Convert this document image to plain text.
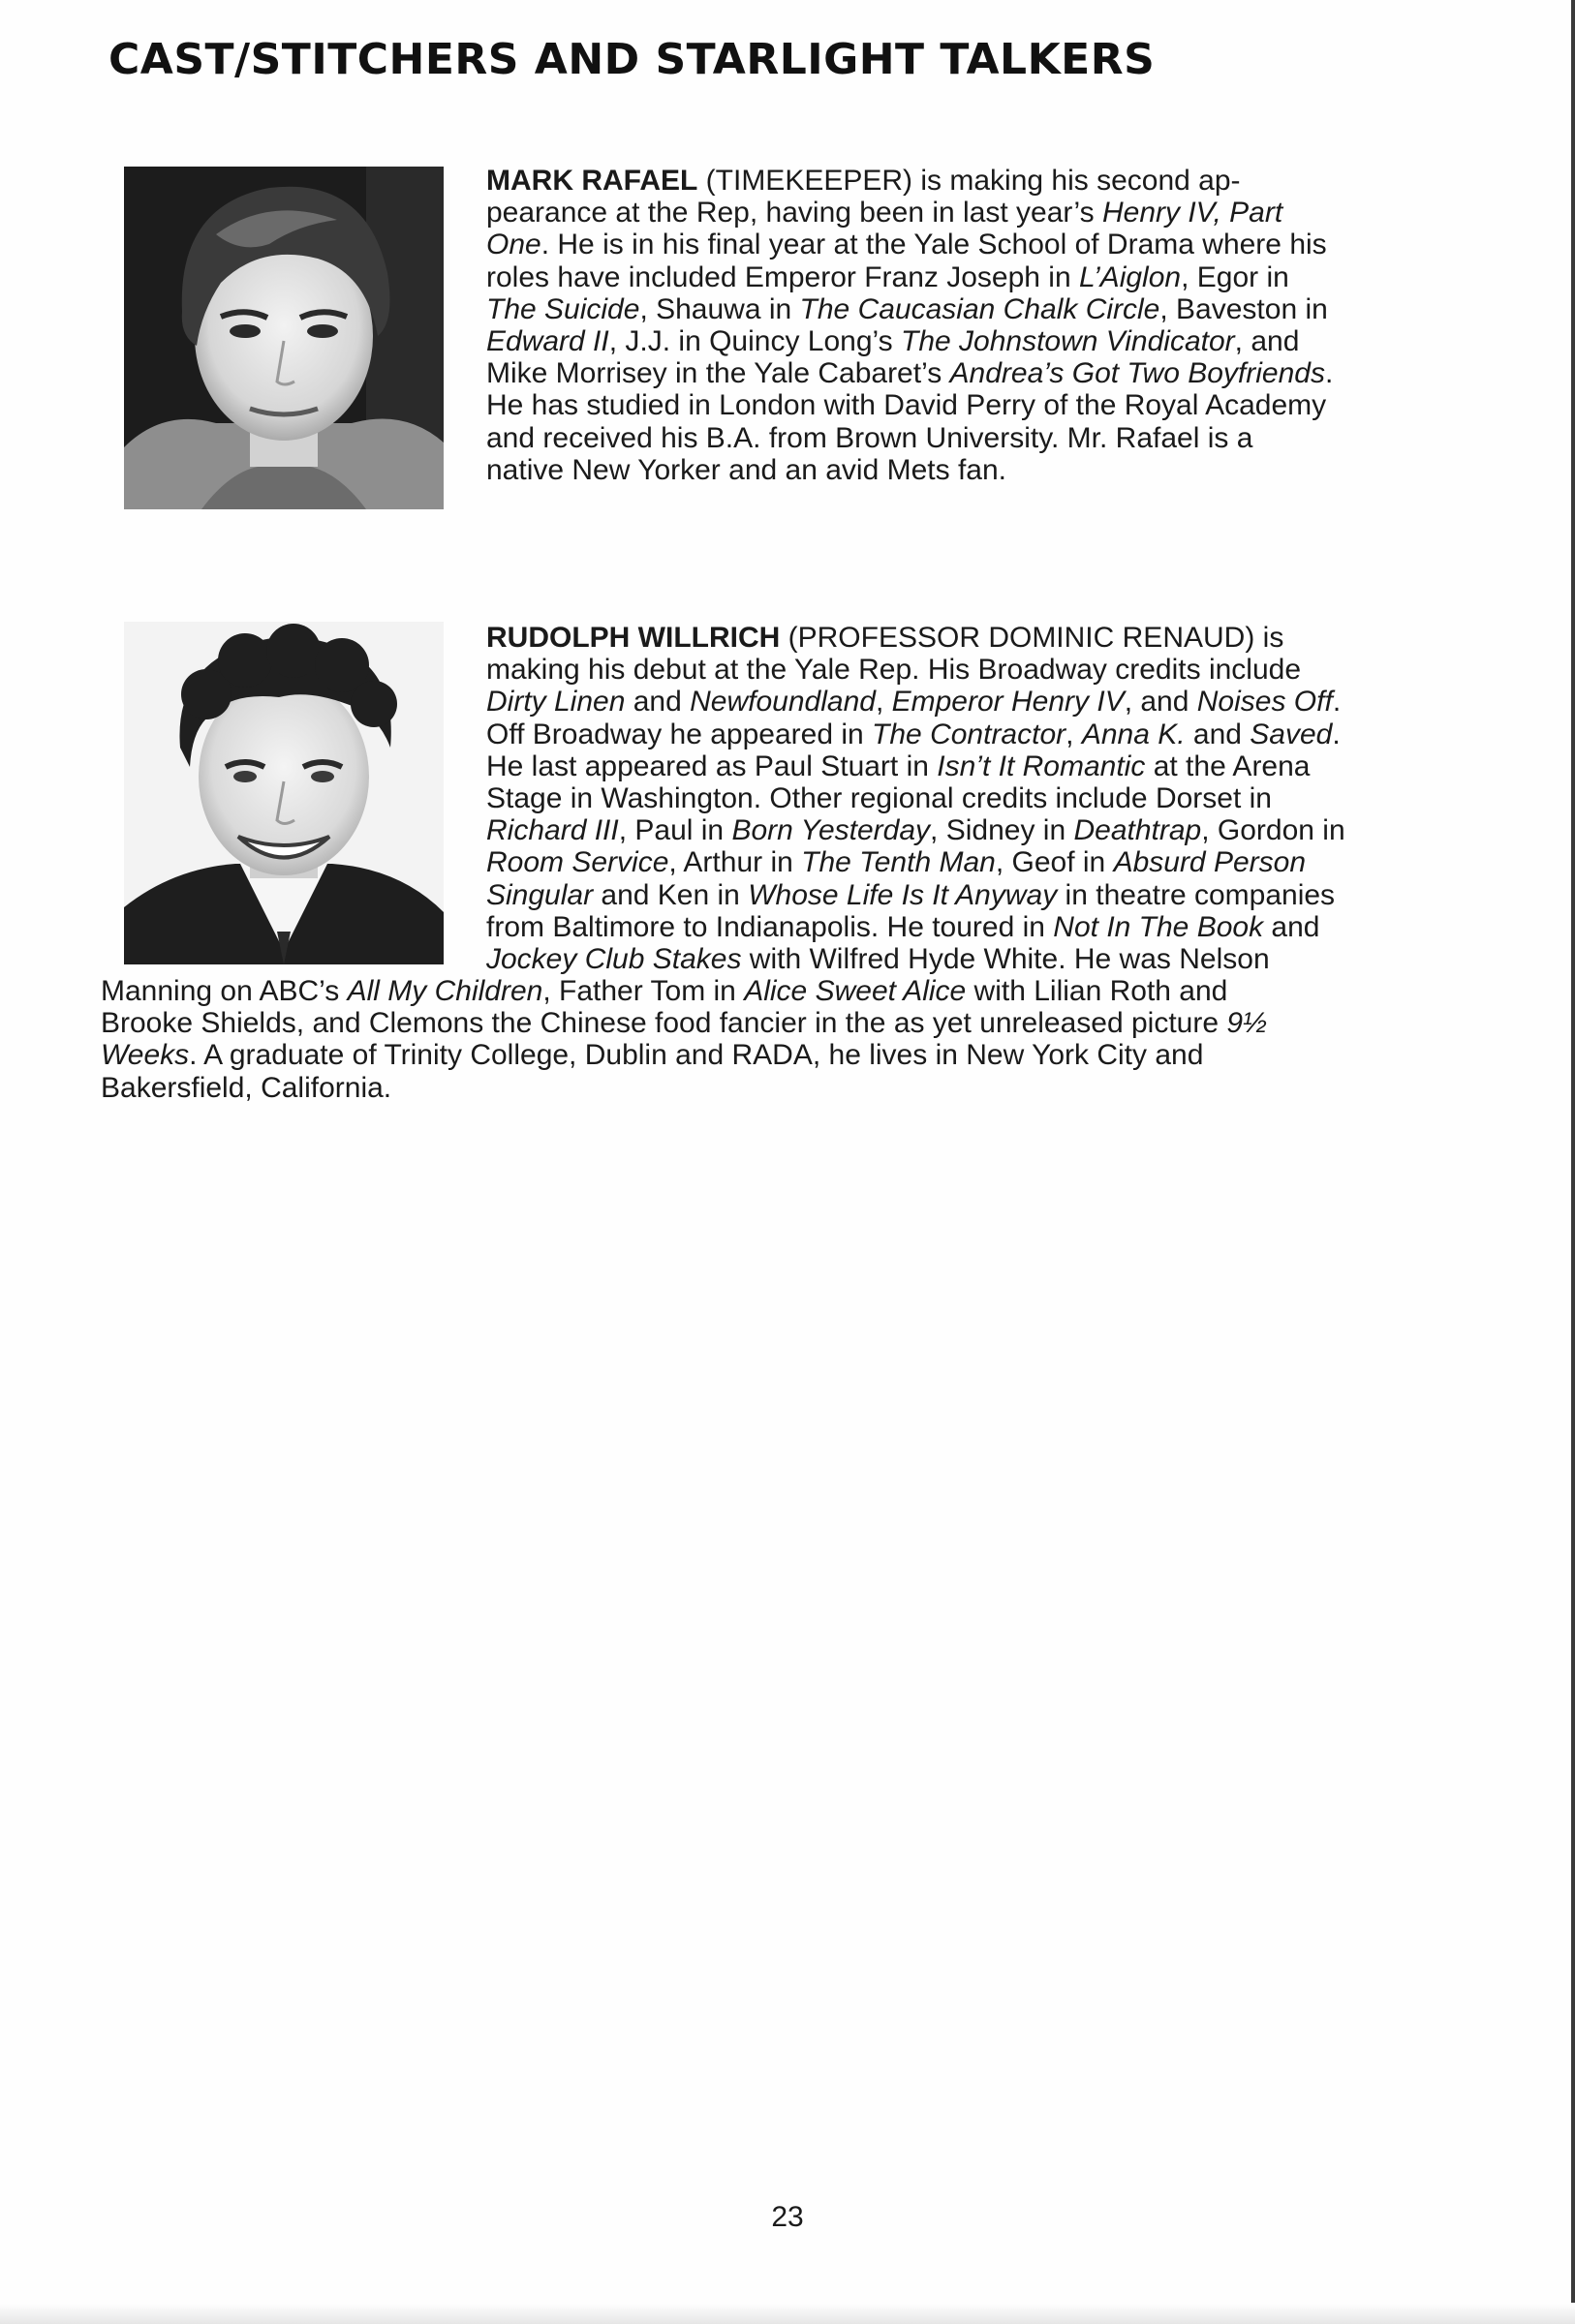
CAST/STITCHERS AND STARLIGHT TALKERS
MARK RAFAEL (TIMEKEEPER) is making his second ap-
pearance at the Rep, having been in last year’s Henry IV, Part
One. He is in his final year at the Yale School of Drama where his
roles have included Emperor Franz Joseph in L’Aiglon, Egor in
The Suicide, Shauwa in The Caucasian Chalk Circle, Baveston in
Edward II, J.J. in Quincy Long’s The Johnstown Vindicator, and
Mike Morrisey in the Yale Cabaret’s Andrea’s Got Two Boyfriends.
He has studied in London with David Perry of the Royal Academy
and received his B.A. from Brown University. Mr. Rafael is a
native New Yorker and an avid Mets fan.
RUDOLPH WILLRICH (PROFESSOR DOMINIC RENAUD) is
making his debut at the Yale Rep. His Broadway credits include
Dirty Linen and Newfoundland, Emperor Henry IV, and Noises Off.
Off Broadway he appeared in The Contractor, Anna K. and Saved.
He last appeared as Paul Stuart in Isn’t It Romantic at the Arena
Stage in Washington. Other regional credits include Dorset in
Richard III, Paul in Born Yesterday, Sidney in Deathtrap, Gordon in
Room Service, Arthur in The Tenth Man, Geof in Absurd Person
Singular and Ken in Whose Life Is It Anyway in theatre companies
from Baltimore to Indianapolis. He toured in Not In The Book and
Jockey Club Stakes with Wilfred Hyde White. He was Nelson
Manning on ABC’s All My Children, Father Tom in Alice Sweet Alice with Lilian Roth and
Brooke Shields, and Clemons the Chinese food fancier in the as yet unreleased picture 9½
Weeks. A graduate of Trinity College, Dublin and RADA, he lives in New York City and
Bakersfield, California.
23
